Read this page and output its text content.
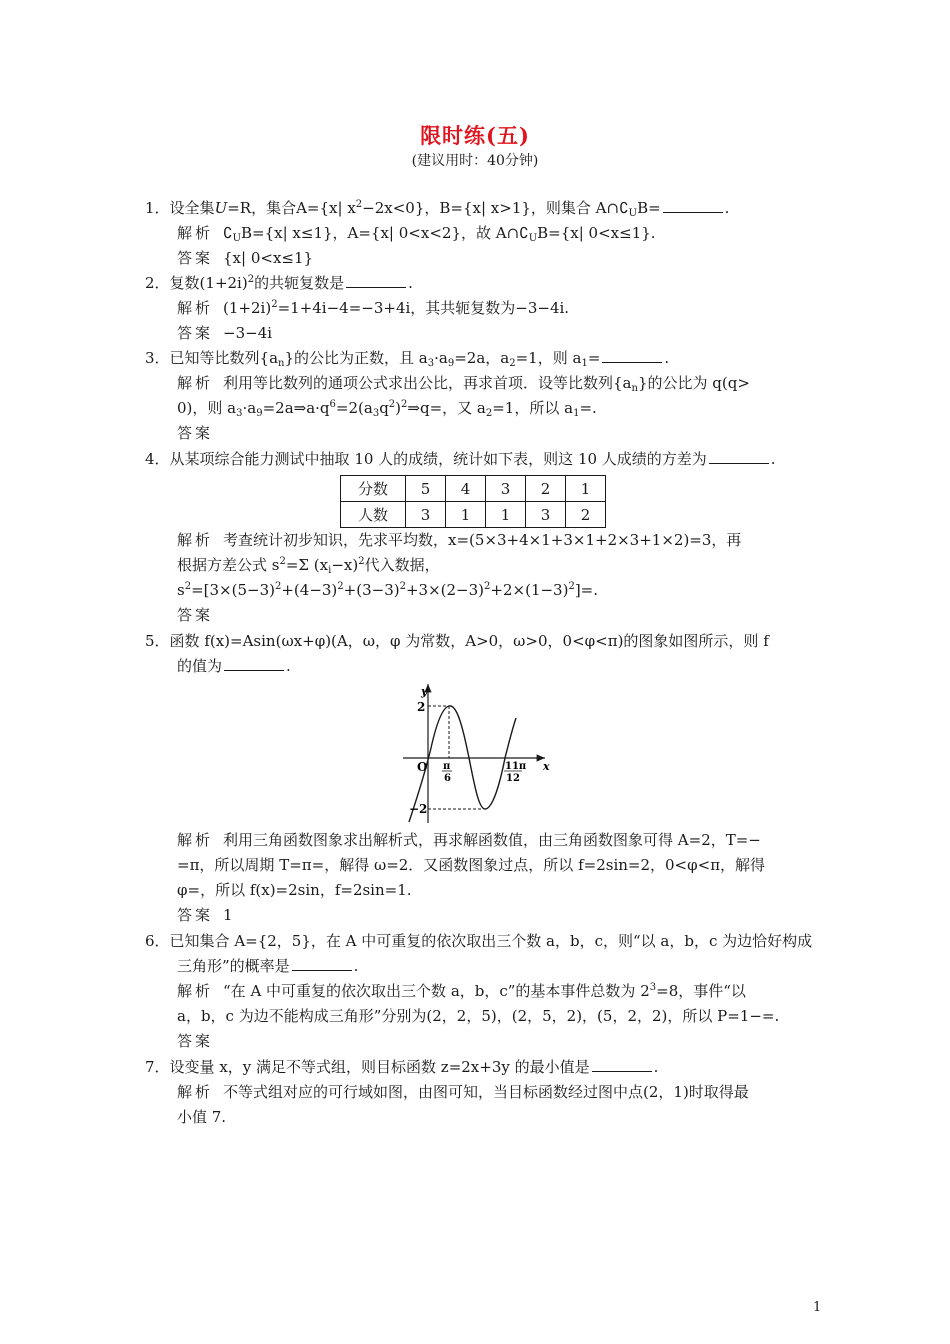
限时练(五)
(建议用时：40分钟)
1．设全集U=R，集合A={x| $x^2-2x<0$}，B={x| x>1}，则集合 $A\cap∁_UB=$	.
解析 $∁_UB=\{x|$ x≤1}，A={x| 0<x<2}，故 $A\cap∁_UB=\{x|$ 0<x≤1}.
答案 {x| 0<x≤1}
2．复数$(1+2i)^2$的共轭复数是	.
解析 $(1+2i)^2=1+4i-4=-3+4i$，其共轭复数为−3−4i.
答案 −3−4i
3．已知等比数列$\{a_n\}$的公比为正数，且 $a_3\cdot a_9=2a$，$a_2=1$，则 $a_1=$	.
解析 利用等比数列的通项公式求出公比，再求首项．设等比数列$\{a_n\}$的公比为 q(q>
0)，则 $a_3\cdot a_9=2a\Rightarrow a\cdot q^6=2(a_3q^2)^2\Rightarrow q=$，又 $a_2=1$，所以 $a_1=$.
答案
4．从某项综合能力测试中抽取 10 人的成绩，统计如下表，则这 10 人成绩的方差为	.
分数	5	4	3	2	1
人数	3	1	1	3	2
解析 考查统计初步知识，先求平均数，x=(5×3+4×1+3×1+2×3+1×2)=3，再
根据方差公式 $s^2=\Sigma$ $(x_i-x)^2$代入数据，
$s^2=[3\times(5-3)^2+(4-3)^2+(3-3)^2+3\times(2-3)^2+2\times(1-3)^2]=$.
答案
5．函数 f(x)=Asin(ωx+φ)(A，ω，φ 为常数，A>0，ω>0，0<φ<π)的图象如图所示，则 f
的值为	.
y
x
O
2
−2
π
6
11π
12
解析 利用三角函数图象求出解析式，再求解函数值，由三角函数图象可得 A=2，T=−
=π，所以周期 T=π=，解得 ω=2．又函数图象过点，所以 f=2sin=2，0<φ<π，解得
φ=，所以 f(x)=2sin，f=2sin=1.
答案 1
6．已知集合 A={2，5}，在 A 中可重复的依次取出三个数 a，b，c，则“以 a，b，c 为边恰好构成
三角形”的概率是	.
解析 “在 A 中可重复的依次取出三个数 a，b，c”的基本事件总数为 $2^3=8$，事件“以
a，b，c 为边不能构成三角形”分别为(2，2，5)，(2，5，2)，(5，2，2)，所以 P=1−=.
答案
7．设变量 x，y 满足不等式组，则目标函数 z=2x+3y 的最小值是	.
解析 不等式组对应的可行域如图，由图可知，当目标函数经过图中点(2，1)时取得最
小值 7.
1
